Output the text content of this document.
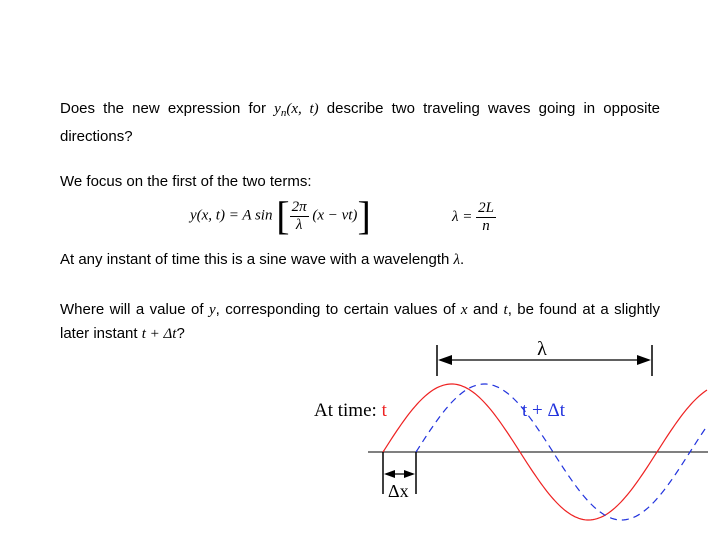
Does the new expression for $y_n(x$, t) describe two traveling waves going in opposite directions?

We focus on the first of the two terms:

y(x, t) = A sin [ $\frac{2\pi}{\lambda} (x - vt)$]	$\lambda = \frac{2L}{n}$

At any instant of time this is a sine wave with a wavelength λ.

Where will a value of y, corresponding to certain values of x and t, be found at a slightly later instant t + Δt?

λ
At time: t	t + Δt
Δx
